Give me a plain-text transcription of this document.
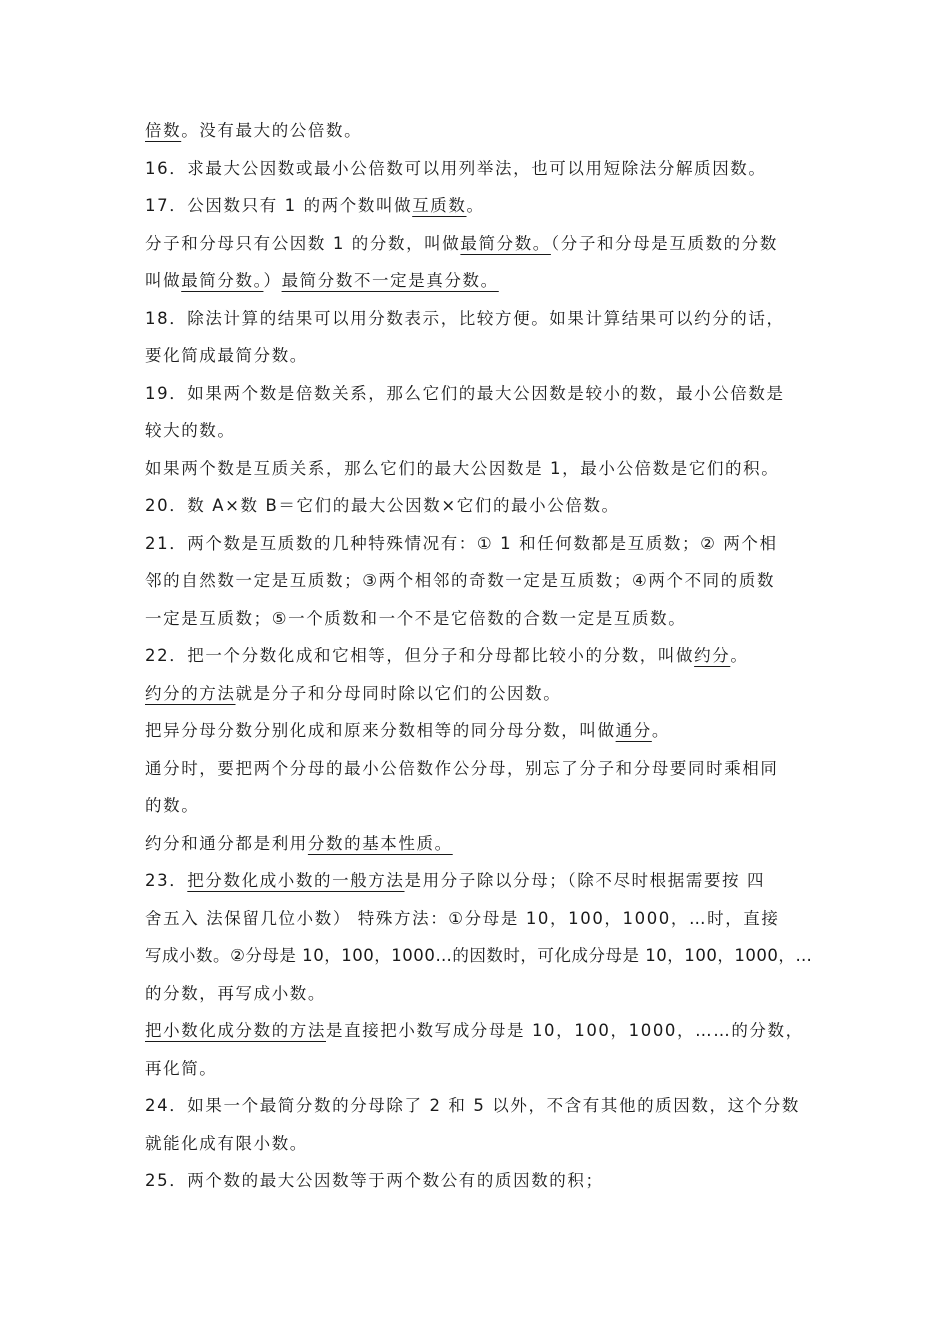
倍数。没有最大的公倍数。
16．求最大公因数或最小公倍数可以用列举法，也可以用短除法分解质因数。
17．公因数只有 1 的两个数叫做互质数。
分子和分母只有公因数 1 的分数，叫做最简分数。（分子和分母是互质数的分数
叫做最简分数。）最简分数不一定是真分数。
18．除法计算的结果可以用分数表示，比较方便。如果计算结果可以约分的话，
要化简成最简分数。
19．如果两个数是倍数关系，那么它们的最大公因数是较小的数，最小公倍数是
较大的数。
如果两个数是互质关系，那么它们的最大公因数是 1，最小公倍数是它们的积。
20．数 A×数 B＝它们的最大公因数×它们的最小公倍数。
21．两个数是互质数的几种特殊情况有：① 1 和任何数都是互质数；② 两个相
邻的自然数一定是互质数；③两个相邻的奇数一定是互质数；④两个不同的质数
一定是互质数；⑤一个质数和一个不是它倍数的合数一定是互质数。
22．把一个分数化成和它相等，但分子和分母都比较小的分数，叫做约分。
约分的方法就是分子和分母同时除以它们的公因数。
把异分母分数分别化成和原来分数相等的同分母分数，叫做通分。
通分时，要把两个分母的最小公倍数作公分母，别忘了分子和分母要同时乘相同
的数。
约分和通分都是利用分数的基本性质。
23．把分数化成小数的一般方法是用分子除以分母；（除不尽时根据需要按 四
舍五入 法保留几位小数） 特殊方法：①分母是 10，100，1000，…时，直接
写成小数。②分母是 10，100，1000…的因数时，可化成分母是 10，100，1000，…
的分数，再写成小数。
把小数化成分数的方法是直接把小数写成分母是 10，100，1000，……的分数，
再化简。
24．如果一个最简分数的分母除了 2 和 5 以外，不含有其他的质因数，这个分数
就能化成有限小数。
25．两个数的最大公因数等于两个数公有的质因数的积；
